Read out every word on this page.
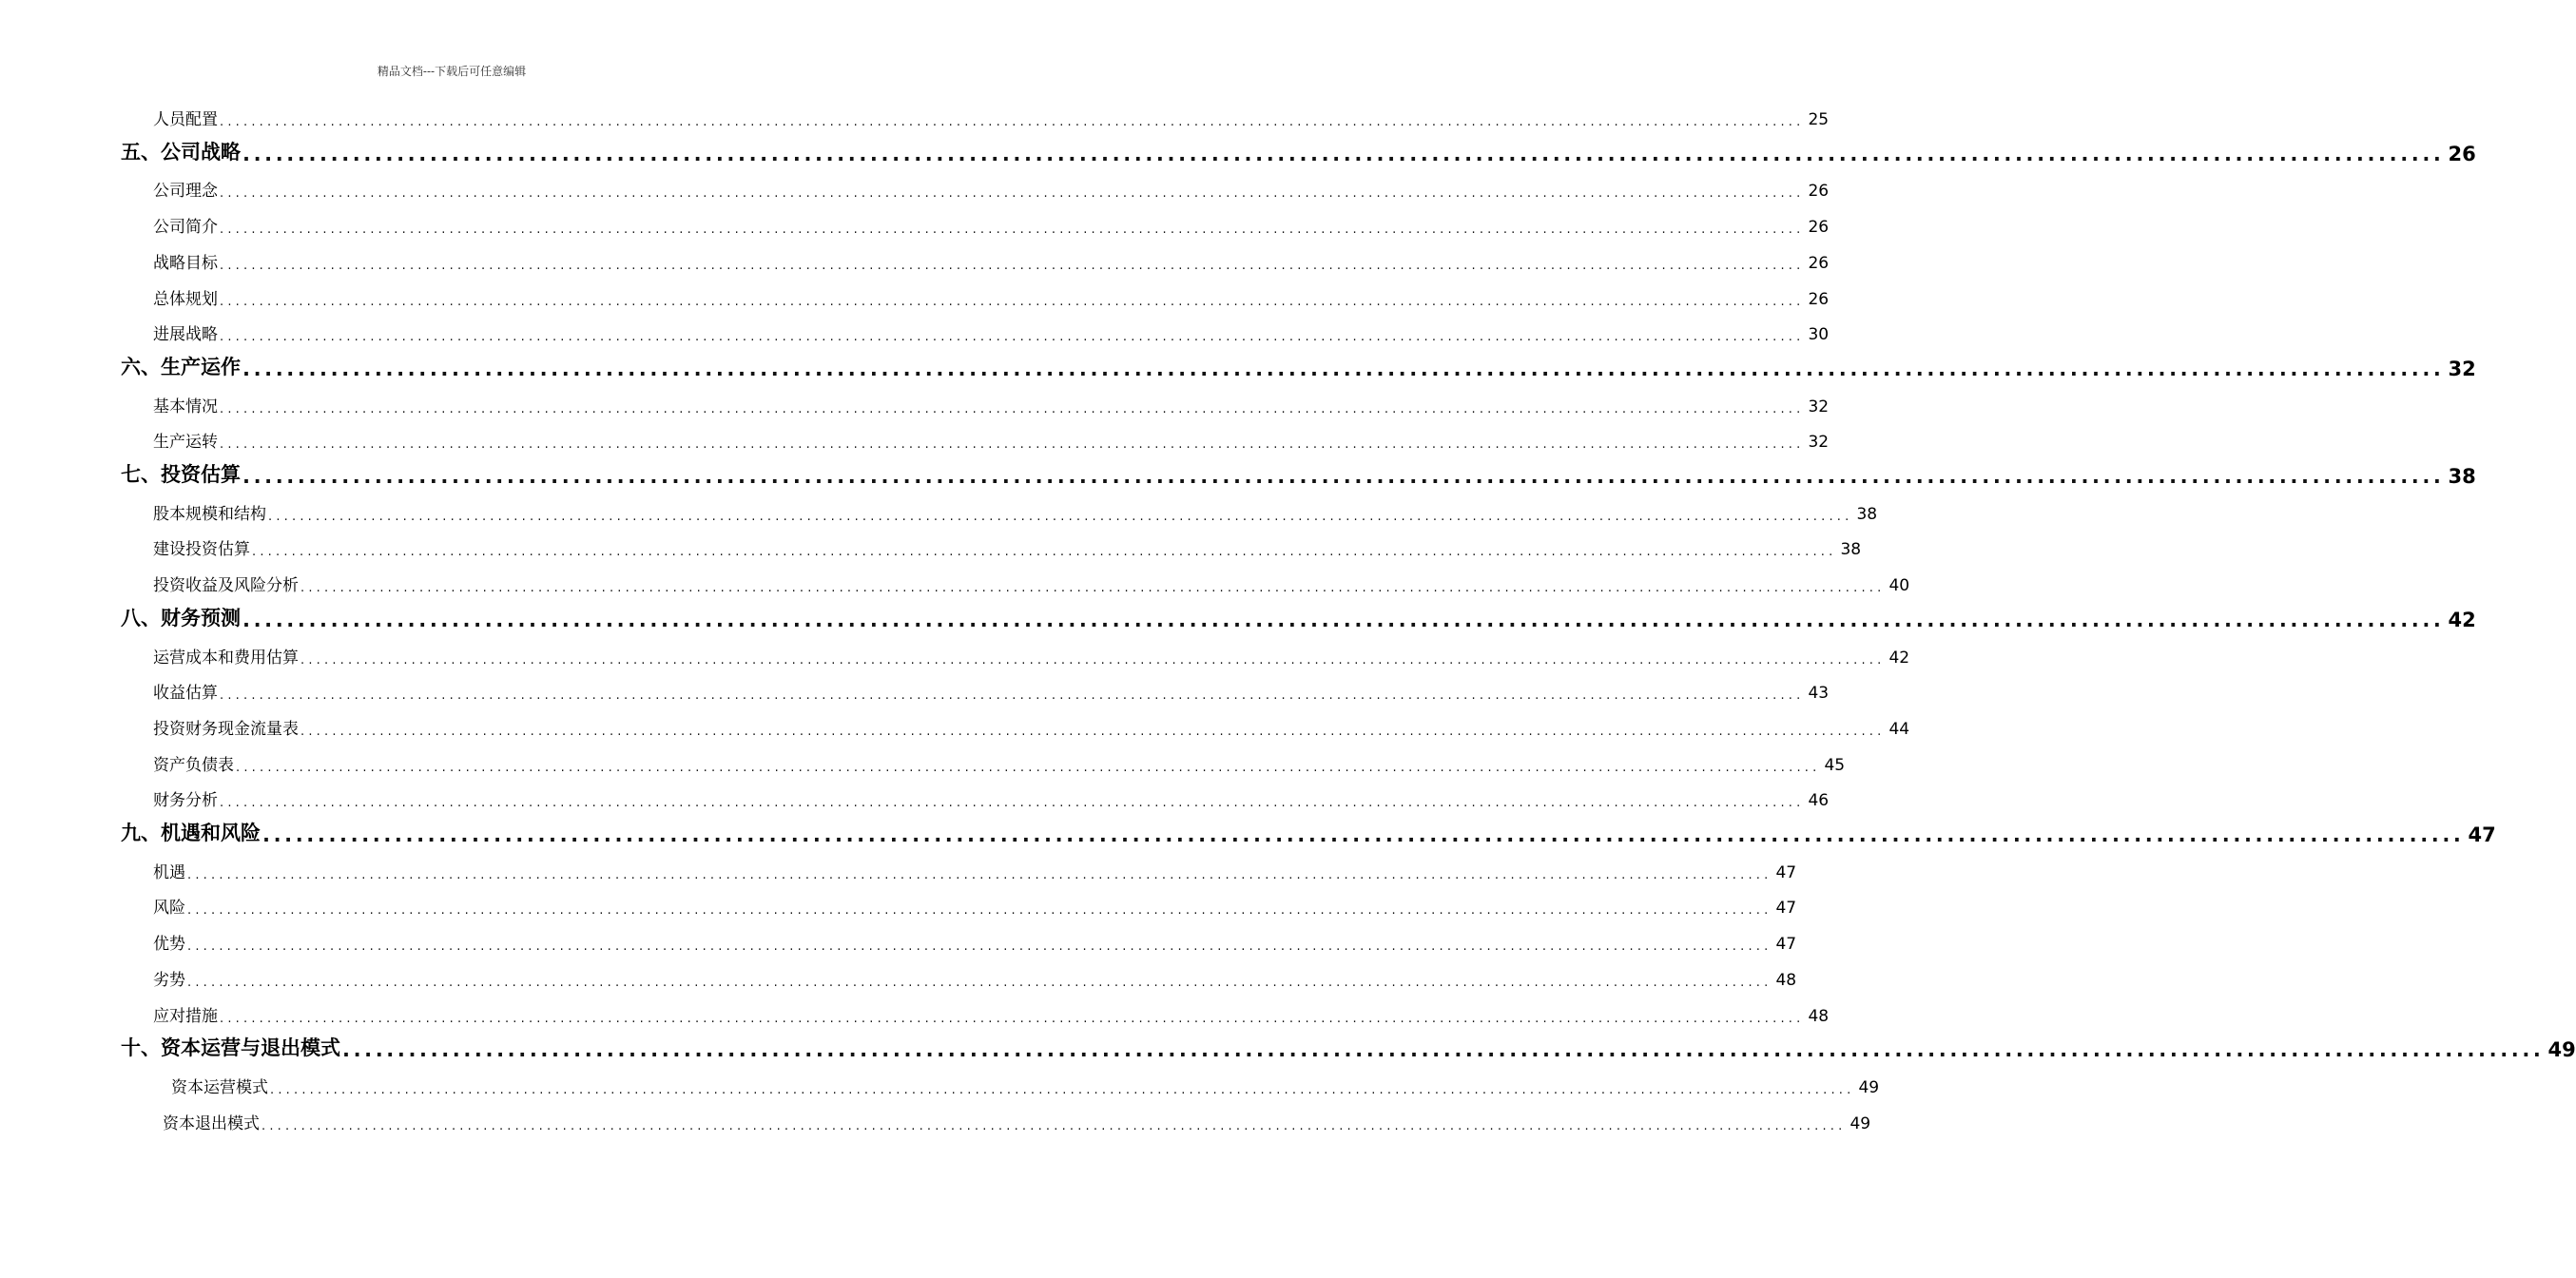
精品文档---下载后可任意编辑
人员配置 ........................................................................................................................................................................................................ 25
五、公司战略 ........................................................................................................................................................................................................ 26
公司理念 ........................................................................................................................................................................................................ 26
公司简介 ........................................................................................................................................................................................................ 26
战略目标 ........................................................................................................................................................................................................ 26
总体规划 ........................................................................................................................................................................................................ 26
进展战略 ........................................................................................................................................................................................................ 30
六、生产运作 ........................................................................................................................................................................................................ 32
基本情况 ........................................................................................................................................................................................................ 32
生产运转 ........................................................................................................................................................................................................ 32
七、投资估算 ........................................................................................................................................................................................................ 38
股本规模和结构 ........................................................................................................................................................................................................ 38
建设投资估算 ........................................................................................................................................................................................................ 38
投资收益及风险分析 ........................................................................................................................................................................................................ 40
八、财务预测 ........................................................................................................................................................................................................ 42
运营成本和费用估算 ........................................................................................................................................................................................................ 42
收益估算 ........................................................................................................................................................................................................ 43
投资财务现金流量表 ........................................................................................................................................................................................................ 44
资产负债表 ........................................................................................................................................................................................................ 45
财务分析 ........................................................................................................................................................................................................ 46
九、机遇和风险 ........................................................................................................................................................................................................ 47
机遇 ........................................................................................................................................................................................................ 47
风险 ........................................................................................................................................................................................................ 47
优势 ........................................................................................................................................................................................................ 47
劣势 ........................................................................................................................................................................................................ 48
应对措施 ........................................................................................................................................................................................................ 48
十、资本运营与退出模式 ........................................................................................................................................................................................................ 49
资本运营模式 ........................................................................................................................................................................................................ 49
资本退出模式 ........................................................................................................................................................................................................ 49
